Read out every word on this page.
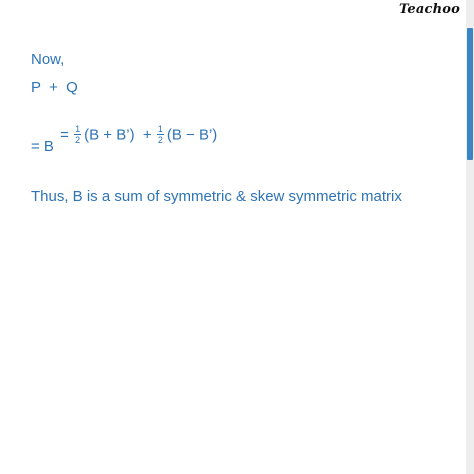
Teachoo
Now,
P  +  Q

= $\frac{1}{2} (B$ + B’)  + $\frac{1}{2} (B$ − B’)

= B
Thus, B is a sum of symmetric & skew symmetric matrix
